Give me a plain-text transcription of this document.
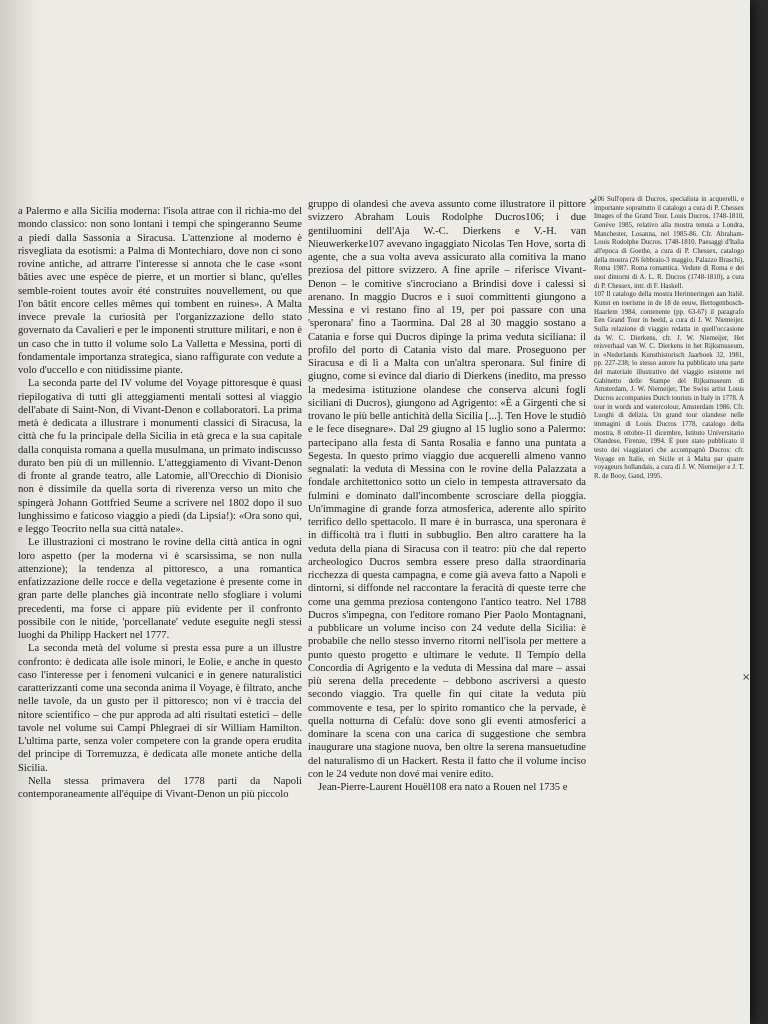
a Palermo e alla Sicilia moderna: l'isola attrae con il richia-mo del mondo classico: non sono lontani i tempi che spingeranno Seume a piedi dalla Sassonia a Siracusa. L'attenzione al moderno è risvegliata da esotismi: a Palma di Montechiaro, dove non ci sono rovine antiche, ad attrarre l'interesse si annota che le case «sont bâties avec une espèce de pierre, et un mortier si blanc, qu'elles semble-roient toutes avoir été construites nouvellement, ou que l'on bâtit encore celles mêmes qui tombent en ruines». A Malta invece prevale la curiosità per l'organizzazione dello stato governato da Cavalieri e per le imponenti strutture militari, e non è un caso che in tutto il volume solo La Valletta e Messina, porti di fondamentale importanza strategica, siano raffigurate con vedute a volo d'uccello e con nitidissime piante.

La seconda parte del IV volume del Voyage pittoresque è quasi riepilogativa di tutti gli atteggiamenti mentali sottesi al viaggio dell'abate di Saint-Non, di Vivant-Denon e collaboratori. La prima metà è dedicata a illustrare i monumenti classici di Siracusa, la città che fu la principale della Sicilia in età greca e la sua capitale dalla conquista romana a quella musulmana, un primato indiscusso durato ben più di un millennio. L'atteggiamento di Vivant-Denon di fronte al grande teatro, alle Latomie, all'Orecchio di Dionisio non è dissimile da quella sorta di riverenza verso un mito che spingerà Johann Gottfried Seume a scrivere nel 1802 dopo il suo lunghissimo e faticoso viaggio a piedi (da Lipsia!): «Ora sono qui, e leggo Teocrito nella sua città natale».

Le illustrazioni ci mostrano le rovine della città antica in ogni loro aspetto (per la moderna vi è scarsissima, se non nulla attenzione); la tendenza al pittoresco, a una romantica enfatizzazione delle rocce e della vegetazione è presente come in gran parte delle planches già incontrate nello sfogliare i volumi precedenti, ma forse ci appare più evidente per il confronto possibile con le nitide, 'porcellanate' vedute eseguite negli stessi luoghi da Philipp Hackert nel 1777.

La seconda metà del volume si presta essa pure a un illustre confronto: è dedicata alle isole minori, le Eolie, e anche in questo caso l'interesse per i fenomeni vulcanici e in genere naturalistici caratterizzanti come una seconda anima il Voyage, è filtrato, anche nelle tavole, da un gusto per il pittoresco; non vi è traccia del nitore scientifico – che pur approda ad alti risultati estetici – delle tavole nel volume sui Campi Phlegraei di sir William Hamilton. L'ultima parte, senza voler competere con la grande opera erudita del principe di Torremuzza, è dedicata alle monete antiche della Sicilia.

Nella stessa primavera del 1778 parti da Napoli contemporaneamente all'équipe di Vivant-Denon un più piccolo

gruppo di olandesi che aveva assunto come illustratore il pittore svizzero Abraham Louis Rodolphe Ducros106; i due gentiluomini dell'Aja W.-C. Dierkens e V.-H. van Nieuwerkerke107 avevano ingaggiato Nicolas Ten Hove, sorta di agente, che a sua volta aveva assicurato alla comitiva la mano preziosa del pittore svizzero. A fine aprile – riferisce Vivant-Denon – le comitive s'incrociano a Brindisi dove i calessi si arenano. In maggio Ducros e i suoi committenti giungono a Messina e vi restano fino al 19, per poi passare con una 'speronara' fino a Taormina. Dal 28 al 30 maggio sostano a Catania e forse qui Ducros dipinge la prima veduta siciliana: il profilo del porto di Catania visto dal mare. Proseguono per Siracusa e di lì a Malta con un'altra speronara. Sul finire di giugno, come si evince dal diario di Dierkens (inedito, ma presso la medesima istituzione olandese che conserva alcuni fogli siciliani di Ducros), giungono ad Agrigento: «È a Girgenti che si trovano le più belle antichità della Sicilia [...]. Ten Hove le studiò e le fece disegnare». Dal 29 giugno al 15 luglio sono a Palermo: partecipano alla festa di Santa Rosalia e fanno una puntata a Segesta. In questo primo viaggio due acquerelli almeno vanno segnalati: la veduta di Messina con le rovine della Palazzata a fondale architettonico sotto un cielo in tempesta attraversato da fulmini e dominato dall'incombente scrosciare della pioggia. Un'immagine di grande forza atmosferica, aderente allo spirito terrifico dello spettacolo. Il mare è in burrasca, una speronara è in difficoltà tra i flutti in subbuglio. Ben altro carattere ha la veduta della piana di Siracusa con il teatro: più che dal reperto archeologico Ducros sembra essere preso dalla straordinaria ricchezza di questa campagna, e come già aveva fatto a Napoli e dintorni, si diffonde nel raccontare la feracità di queste terre che come una gemma preziosa contengono l'antico teatro. Nel 1788 Ducros s'impegna, con l'editore romano Pier Paolo Montagnani, a pubblicare un volume inciso con 24 vedute della Sicilia: è probabile che nello stesso inverno ritorni nell'isola per mettere a punto questo progetto e ultimare le vedute. Il Tempio della Concordia di Agrigento e la veduta di Messina dal mare – assai più serena della precedente – debbono ascriversi a questo secondo viaggio. Tra quelle fin qui citate la veduta più commovente e tesa, per lo spirito romantico che la pervade, è quella notturna di Cefalù: dove sono gli eventi atmosferici a dominare la scena con una carica di suggestione che sembra inaugurare una stagione nuova, ben oltre la serena mansuetudine del naturalismo di un Hackert. Resta il fatto che il volume inciso con le 24 vedute non dové mai venire edito.

Jean-Pierre-Laurent Houël108 era nato a Rouen nel 1735 e

106 Sull'opera di Ducros, specialista in acquerelli, e importante soprattutto il catalogo a cura di P. Chessex Images of the Grand Tour. Louis Ducros, 1748-1810, Genève 1985, relativo alla mostra tenuta a Londra, Manchester, Losanna, nel 1985-86. Cfr. Abraham-Louis Rodolphe Ducros. 1748-1810. Paesaggi d'Italia all'epoca di Goethe, a cura di P. Chessex, catalogo della mostra (26 febbraio-3 maggio, Palazzo Braschi), Roma 1987. Roma romantica. Vedute di Roma e dei suoi dintorni di A. L. R. Ducros (1748-1810), a cura di P. Chessex, intr. di F. Haskell.

107 Il catalogo della mostra Herinneringen aan Italië. Kunst en toerisme in de 18 de eeuw, Hertogenbosch-Haarlem 1984, contenente (pp. 63-67) il paragrafo Een Grand Tour in beeld, a cura di J. W. Niemeijer. Sulla relazione di viaggio redatta in quell'occasione da W. C. Dierkens, cfr. J. W. Niemeijer, Het reisverhaal van W. C. Dierkens in het Rijksmuseum, in «Nederlands Kunsthistorisch Jaarboek 32, 1981, pp. 227-238; lo stesso autore ha pubblicato una parte del materiale illustrativo del viaggio esistente nel Gabinetto delle Stampe del Rijksmuseum di Amsterdam, J. W. Niemeijer, The Swiss artist Louis Ducros accompanies Dutch tourists in Italy in 1778. A tour in words and watercolour, Amsterdam 1986. Cfr. Luoghi di delizia. Un grand tour olandese nelle immagini di Louis Ducros 1778, catalogo della mostra, 8 ottobre-11 dicembre, Istituto Universitario Olandese, Firenze, 1994. È pure stato pubblicato il testo dei viaggiatori che accompagnò Ducros: cfr. Voyage en Italie, en Sicile et à Malta par quatre voyageurs hollandais, a cura di J. W. Niemeijer e J. T. R. de Booy, Gand, 1995.

×
×
